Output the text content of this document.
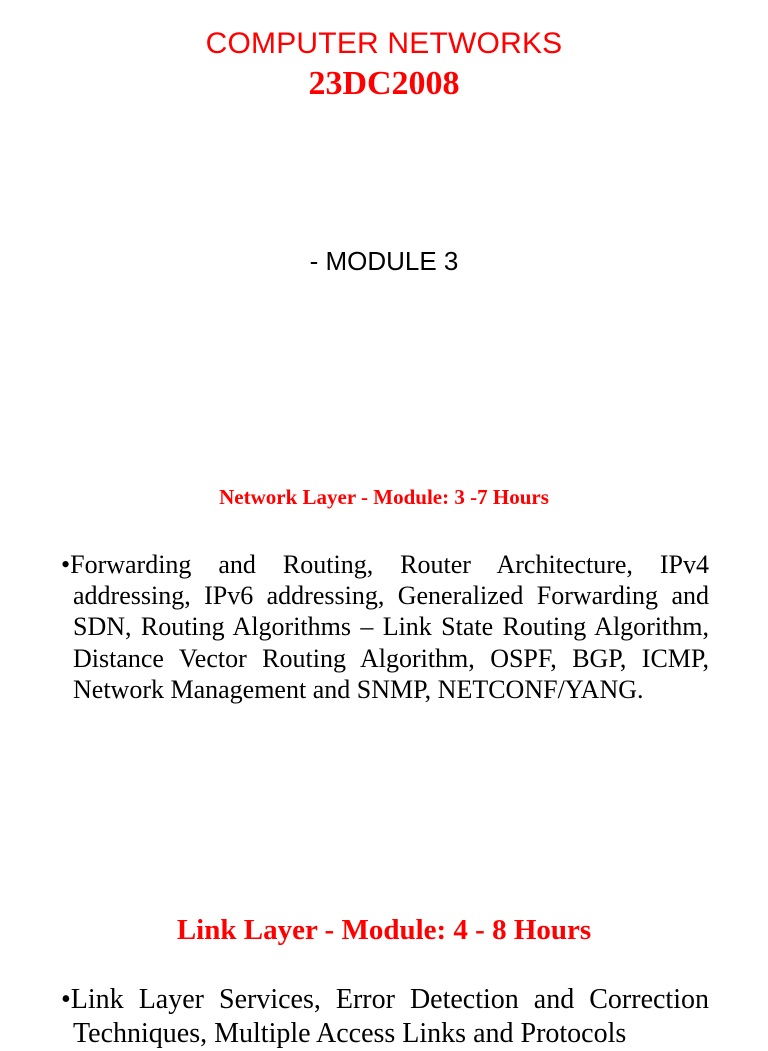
COMPUTER NETWORKS
23DC2008
- MODULE 3
Network Layer - Module: 3 -7 Hours
•Forwarding and Routing, Router Architecture, IPv4 addressing, IPv6 addressing, Generalized Forwarding and SDN, Routing Algorithms – Link State Routing Algorithm, Distance Vector Routing Algorithm, OSPF, BGP, ICMP, Network Management and SNMP, NETCONF/YANG.
Link Layer - Module: 4 - 8 Hours
•Link Layer Services, Error Detection and Correction Techniques, Multiple Access Links and Protocols
